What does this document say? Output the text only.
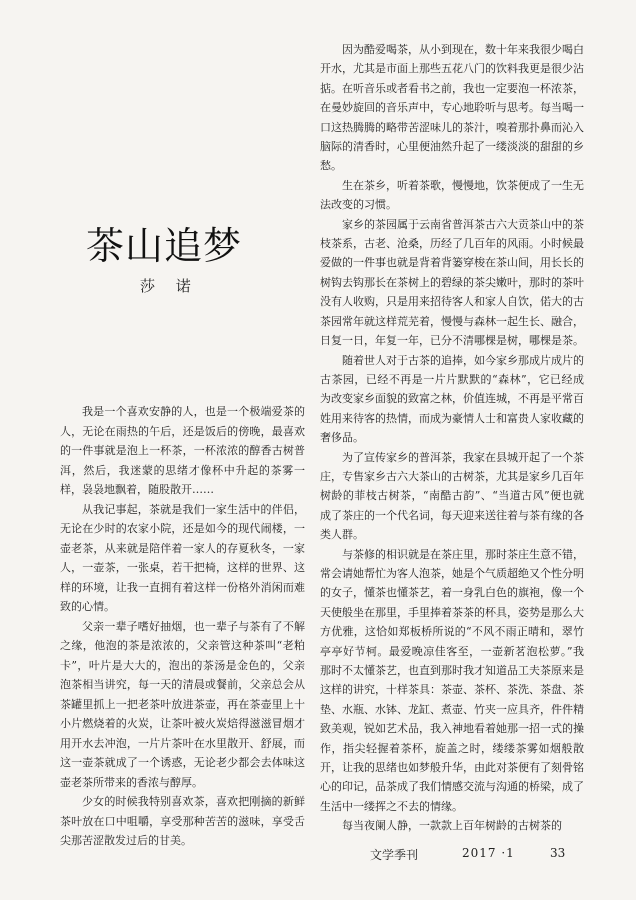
茶山追梦
莎 诺

我是一个喜欢安静的人，也是一个极端爱茶的人，无论在雨热的午后，还是饭后的傍晚，最喜欢的一件事就是泡上一杯茶，一杯浓浓的醇香古树普洱，然后，我迷蒙的思绪才像杯中升起的茶雾一样，袅袅地飘着，随股散开……

从我记事起，茶就是我们一家生活中的伴侣，无论在少时的农家小院，还是如今的现代闹楼，一壶老茶，从来就是陪伴着一家人的存夏秋冬，一家人，一壶茶，一张桌，若干把椅，这样的世界、这样的环境，让我一直拥有着这样一份格外消闲而难致的心情。

父亲一辈子嗜好抽烟，也一辈子与茶有了不解之缘，他泡的茶是浓浓的，父亲管这种茶叫“老粕卡”，叶片是大大的，泡出的茶汤是金色的，父亲泡茶相当讲究，每一天的清晨或餐前，父亲总会从茶罐里抓上一把老茶叶放进茶壶，再在茶壶里上十小片燃烧着的火炭，让茶叶被火炭焙得滋滋冒烟才用开水去冲泡，一片片茶叶在水里散开、舒展，而这一壶茶就成了一个诱惑，无论老少都会去体味这壶老茶所带来的香浓与醇厚。

少女的时候我特别喜欢茶，喜欢把刚摘的新鲜茶叶放在口中咀嚼，享受那种苦苦的滋味，享受舌尖那苦涩散发过后的甘美。

因为酷爱喝茶，从小到现在，数十年来我很少喝白开水，尤其是市面上那些五花八门的饮料我更是很少沾掂。在听音乐或者看书之前，我也一定要泡一杯浓茶，在曼妙旋回的音乐声中，专心地聆听与思考。每当喝一口这热腾腾的略带苦涩味儿的茶汁，嗅着那扑鼻而沁入脑际的清香时，心里便油然升起了一缕淡淡的甜甜的乡愁。

生在茶乡，听着茶歌，慢慢地，饮茶便成了一生无法改变的习惯。

家乡的茶园属于云南省普洱茶古六大贡茶山中的茶枝茶系，古老、沧桑，历经了几百年的风雨。小时候最爱做的一件事也就是背着背篓穿梭在茶山间，用长长的树钩去钩那长在茶树上的碧绿的茶尖嫩叶，那时的茶叶没有人收购，只是用来招待客人和家人自饮，偌大的古茶园常年就这样荒芜着，慢慢与森林一起生长、融合，日复一日，年复一年，已分不清哪棵是树，哪棵是茶。

随着世人对于古茶的追捧，如今家乡那成片成片的古茶园，已经不再是一片片默默的“森林”，它已经成为改变家乡面貌的致富之林，价值连城，不再是平常百姓用来待客的热情，而成为豪情人士和富贵人家收藏的奢侈品。

为了宣传家乡的普洱茶，我家在县城开起了一个茶庄，专售家乡古六大茶山的古树茶，尤其是家乡几百年树龄的菲枝古树茶，“南酷古韵”、“当道古风”便也就成了茶庄的一个代名词，每天迎来送往着与茶有缘的各类人群。

与茶修的相识就是在茶庄里，那时茶庄生意不错，常会请她帮忙为客人泡茶，她是个气质超绝又个性分明的女子，懂茶也懂茶艺，着一身乳白色的旗袍，像一个天使般坐在那里，手里捧着茶茶的杯具，姿势是那么大方优雅，这恰如郑板桥所说的“不风不雨正晴和，翠竹亭亭好节柯。最爱晚凉佳客至，一壶新茗泡松萝。”我那时不太懂茶艺，也直到那时我才知道品工夫茶原来是这样的讲究，十样茶具：茶壶、茶杯、茶洗、茶盘、茶垫、水瓶、水钵、龙缸、煮壶、竹夹一应具齐，件件精致美观，锐如艺术品，我入神地看着她那一招一式的操作，指尖轻握着茶杯，旋盖之时，缕缕茶雾如烟般散开，让我的思绪也如梦般升华，由此对茶便有了刻骨铭心的印记，品茶成了我们情感交流与沟通的桥梁，成了生活中一缕挥之不去的情缘。

每当夜阑人静，一款款上百年树龄的古树茶的

文学季刊	2017 ·1	33
